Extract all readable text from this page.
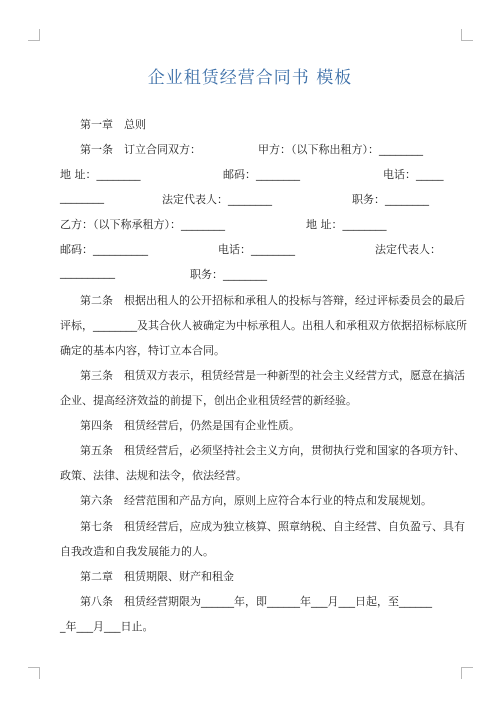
企业租赁经营合同书 模板
第一章　总则
第一条　订立合同双方：	甲方：（以下称出租方）：________
地 址：________	邮码：________	电话：_____
________	法定代表人：________	职务：________
乙方：（以下称承租方）：________	地 址：________
邮码：__________	电话：________	法定代表人：
__________	职务：________
第二条　根据出租人的公开招标和承租人的投标与答辩，经过评标委员会的最后
评标，________及其合伙人被确定为中标承租人。出租人和承租双方依据招标标底所
确定的基本内容，特订立本合同。
第三条　租赁双方表示，租赁经营是一种新型的社会主义经营方式，愿意在搞活
企业、提高经济效益的前提下，创出企业租赁经营的新经验。
第四条　租赁经营后，仍然是国有企业性质。
第五条　租赁经营后，必须坚持社会主义方向，贯彻执行党和国家的各项方针、
政策、法律、法规和法令，依法经营。
第六条　经营范围和产品方向，原则上应符合本行业的特点和发展规划。
第七条　租赁经营后，应成为独立核算、照章纳税、自主经营、自负盈亏、具有
自我改造和自我发展能力的人。
第二章　租赁期限、财产和租金
第八条　租赁经营期限为______年，即______年___月___日起，至______
_年___月___日止。
